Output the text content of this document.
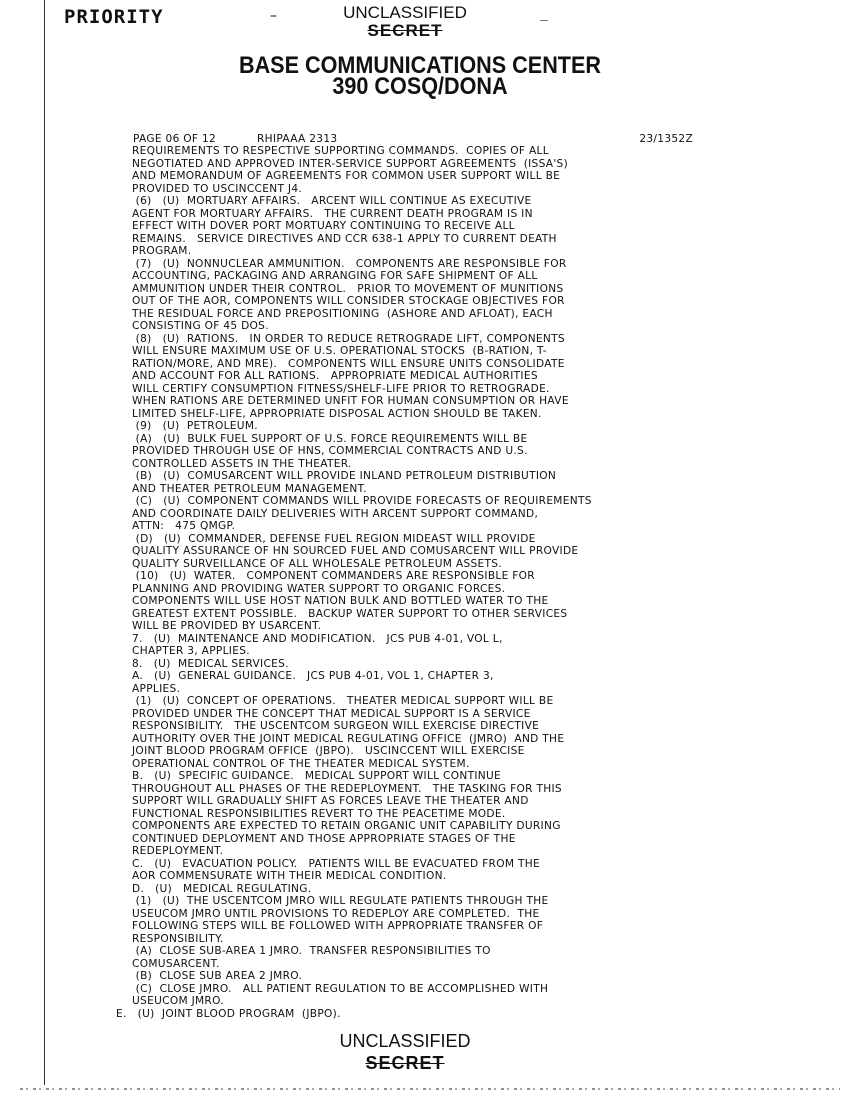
PRIORITY	–	UNCLASSIFIED
SECRET
BASE COMMUNICATIONS CENTER
390 COSQ/DONA
PAGE 06 OF 12	RHIPAAA 2313	23/1352Z
REQUIREMENTS TO RESPECTIVE SUPPORTING COMMANDS.  COPIES OF ALL
NEGOTIATED AND APPROVED INTER-SERVICE SUPPORT AGREEMENTS  (ISSA'S)
AND MEMORANDUM OF AGREEMENTS FOR COMMON USER SUPPORT WILL BE
PROVIDED TO USCINCCENT J4.
(6)   (U)  MORTUARY AFFAIRS.   ARCENT WILL CONTINUE AS EXECUTIVE
AGENT FOR MORTUARY AFFAIRS.   THE CURRENT DEATH PROGRAM IS IN
EFFECT WITH DOVER PORT MORTUARY CONTINUING TO RECEIVE ALL
REMAINS.   SERVICE DIRECTIVES AND CCR 638-1 APPLY TO CURRENT DEATH
PROGRAM.
(7)   (U)  NONNUCLEAR AMMUNITION.   COMPONENTS ARE RESPONSIBLE FOR
ACCOUNTING, PACKAGING AND ARRANGING FOR SAFE SHIPMENT OF ALL
AMMUNITION UNDER THEIR CONTROL.   PRIOR TO MOVEMENT OF MUNITIONS
OUT OF THE AOR, COMPONENTS WILL CONSIDER STOCKAGE OBJECTIVES FOR
THE RESIDUAL FORCE AND PREPOSITIONING  (ASHORE AND AFLOAT), EACH
CONSISTING OF 45 DOS.
(8)   (U)  RATIONS.   IN ORDER TO REDUCE RETROGRADE LIFT, COMPONENTS
WILL ENSURE MAXIMUM USE OF U.S. OPERATIONAL STOCKS  (B-RATION, T-
RATION/MORE, AND MRE).   COMPONENTS WILL ENSURE UNITS CONSOLIDATE
AND ACCOUNT FOR ALL RATIONS.   APPROPRIATE MEDICAL AUTHORITIES
WILL CERTIFY CONSUMPTION FITNESS/SHELF-LIFE PRIOR TO RETROGRADE.
WHEN RATIONS ARE DETERMINED UNFIT FOR HUMAN CONSUMPTION OR HAVE
LIMITED SHELF-LIFE, APPROPRIATE DISPOSAL ACTION SHOULD BE TAKEN.
(9)   (U)  PETROLEUM.
(A)   (U)  BULK FUEL SUPPORT OF U.S. FORCE REQUIREMENTS WILL BE
PROVIDED THROUGH USE OF HNS, COMMERCIAL CONTRACTS AND U.S.
CONTROLLED ASSETS IN THE THEATER.
(B)   (U)  COMUSARCENT WILL PROVIDE INLAND PETROLEUM DISTRIBUTION
AND THEATER PETROLEUM MANAGEMENT.
(C)   (U)  COMPONENT COMMANDS WILL PROVIDE FORECASTS OF REQUIREMENTS
AND COORDINATE DAILY DELIVERIES WITH ARCENT SUPPORT COMMAND,
ATTN:   475 QMGP.
(D)   (U)  COMMANDER, DEFENSE FUEL REGION MIDEAST WILL PROVIDE
QUALITY ASSURANCE OF HN SOURCED FUEL AND COMUSARCENT WILL PROVIDE
QUALITY SURVEILLANCE OF ALL WHOLESALE PETROLEUM ASSETS.
(10)   (U)  WATER.   COMPONENT COMMANDERS ARE RESPONSIBLE FOR
PLANNING AND PROVIDING WATER SUPPORT TO ORGANIC FORCES.
COMPONENTS WILL USE HOST NATION BULK AND BOTTLED WATER TO THE
GREATEST EXTENT POSSIBLE.   BACKUP WATER SUPPORT TO OTHER SERVICES
WILL BE PROVIDED BY USARCENT.
7.   (U)  MAINTENANCE AND MODIFICATION.   JCS PUB 4-01, VOL L,
CHAPTER 3, APPLIES.
8.   (U)  MEDICAL SERVICES.
A.   (U)  GENERAL GUIDANCE.   JCS PUB 4-01, VOL 1, CHAPTER 3,
APPLIES.
(1)   (U)  CONCEPT OF OPERATIONS.   THEATER MEDICAL SUPPORT WILL BE
PROVIDED UNDER THE CONCEPT THAT MEDICAL SUPPORT IS A SERVICE
RESPONSIBILITY.   THE USCENTCOM SURGEON WILL EXERCISE DIRECTIVE
AUTHORITY OVER THE JOINT MEDICAL REGULATING OFFICE  (JMRO)  AND THE
JOINT BLOOD PROGRAM OFFICE  (JBPO).   USCINCCENT WILL EXERCISE
OPERATIONAL CONTROL OF THE THEATER MEDICAL SYSTEM.
B.   (U)  SPECIFIC GUIDANCE.   MEDICAL SUPPORT WILL CONTINUE
THROUGHOUT ALL PHASES OF THE REDEPLOYMENT.   THE TASKING FOR THIS
SUPPORT WILL GRADUALLY SHIFT AS FORCES LEAVE THE THEATER AND
FUNCTIONAL RESPONSIBILITIES REVERT TO THE PEACETIME MODE.
COMPONENTS ARE EXPECTED TO RETAIN ORGANIC UNIT CAPABILITY DURING
CONTINUED DEPLOYMENT AND THOSE APPROPRIATE STAGES OF THE
REDEPLOYMENT.
C.   (U)   EVACUATION POLICY.   PATIENTS WILL BE EVACUATED FROM THE
AOR COMMENSURATE WITH THEIR MEDICAL CONDITION.
D.   (U)   MEDICAL REGULATING.
(1)   (U)  THE USCENTCOM JMRO WILL REGULATE PATIENTS THROUGH THE
USEUCOM JMRO UNTIL PROVISIONS TO REDEPLOY ARE COMPLETED.  THE
FOLLOWING STEPS WILL BE FOLLOWED WITH APPROPRIATE TRANSFER OF
RESPONSIBILITY.
(A)  CLOSE SUB-AREA 1 JMRO.  TRANSFER RESPONSIBILITIES TO
COMUSARCENT.
(B)  CLOSE SUB AREA 2 JMRO.
(C)  CLOSE JMRO.   ALL PATIENT REGULATION TO BE ACCOMPLISHED WITH
USEUCOM JMRO.
E.   (U)  JOINT BLOOD PROGRAM  (JBPO).
UNCLASSIFIED
SECRET
